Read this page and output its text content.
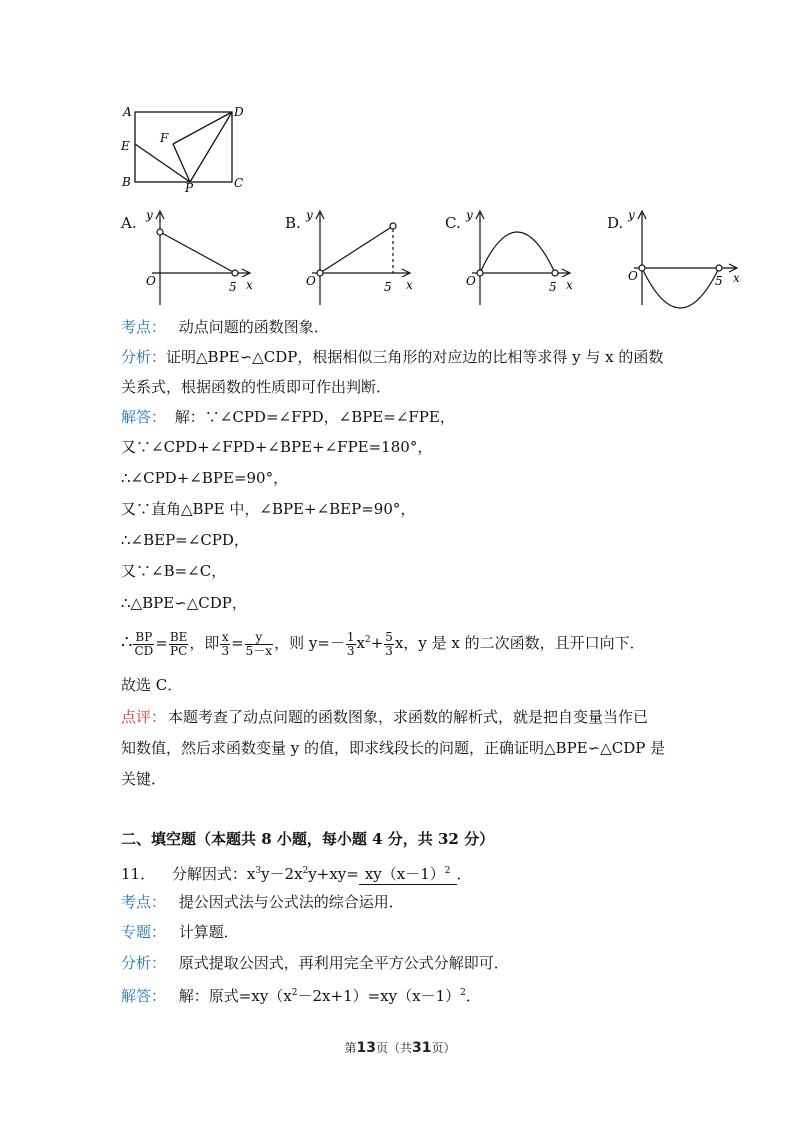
A	D
E
F
B	P	C
A.	B.	C.	D.
y
x
O	5
y
x
O	5
y
x
O	5
y
x
O	5
考点： 动点问题的函数图象．
分析：证明△BPE∽△CDP，根据相似三角形的对应边的比相等求得 y 与 x 的函数
关系式，根据函数的性质即可作出判断．
解答： 解：∵∠CPD=∠FPD，∠BPE=∠FPE，
又∵∠CPD+∠FPD+∠BPE+∠FPE=180°，
∴∠CPD+∠BPE=90°，
又∵直角△BPE 中，∠BPE+∠BEP=90°，
∴∠BEP=∠CPD，
又∵∠B=∠C，
∴△BPE∽△CDP，
∴ $\frac{BP}{CD} = \frac{BE}{PC}$ ，即 $\frac{x}{3} = \frac{y}{5-x}$ ，则 $y=- \frac{1}{3} x^2+ \frac{5}{3}$ x，y 是 x 的二次函数，且开口向下．
故选 C．
点评： 本题考查了动点问题的函数图象，求函数的解析式，就是把自变量当作已
知数值，然后求函数变量 y 的值，即求线段长的问题，正确证明△BPE∽△CDP 是
关键．
二、填空题（本题共 8 小题，每小题 4 分，共 32 分）
11． 分解因式：$x^3y-2x^2y+xy= xy(x-1)^2$ ．
考点： 提公因式法与公式法的综合运用．
专题： 计算题．
分析： 原式提取公因式，再利用完全平方公式分解即可．
解答： 解：原式$=xy(x^2-2x+1)=xy(x-1)^2$．
第13页（共31页）
